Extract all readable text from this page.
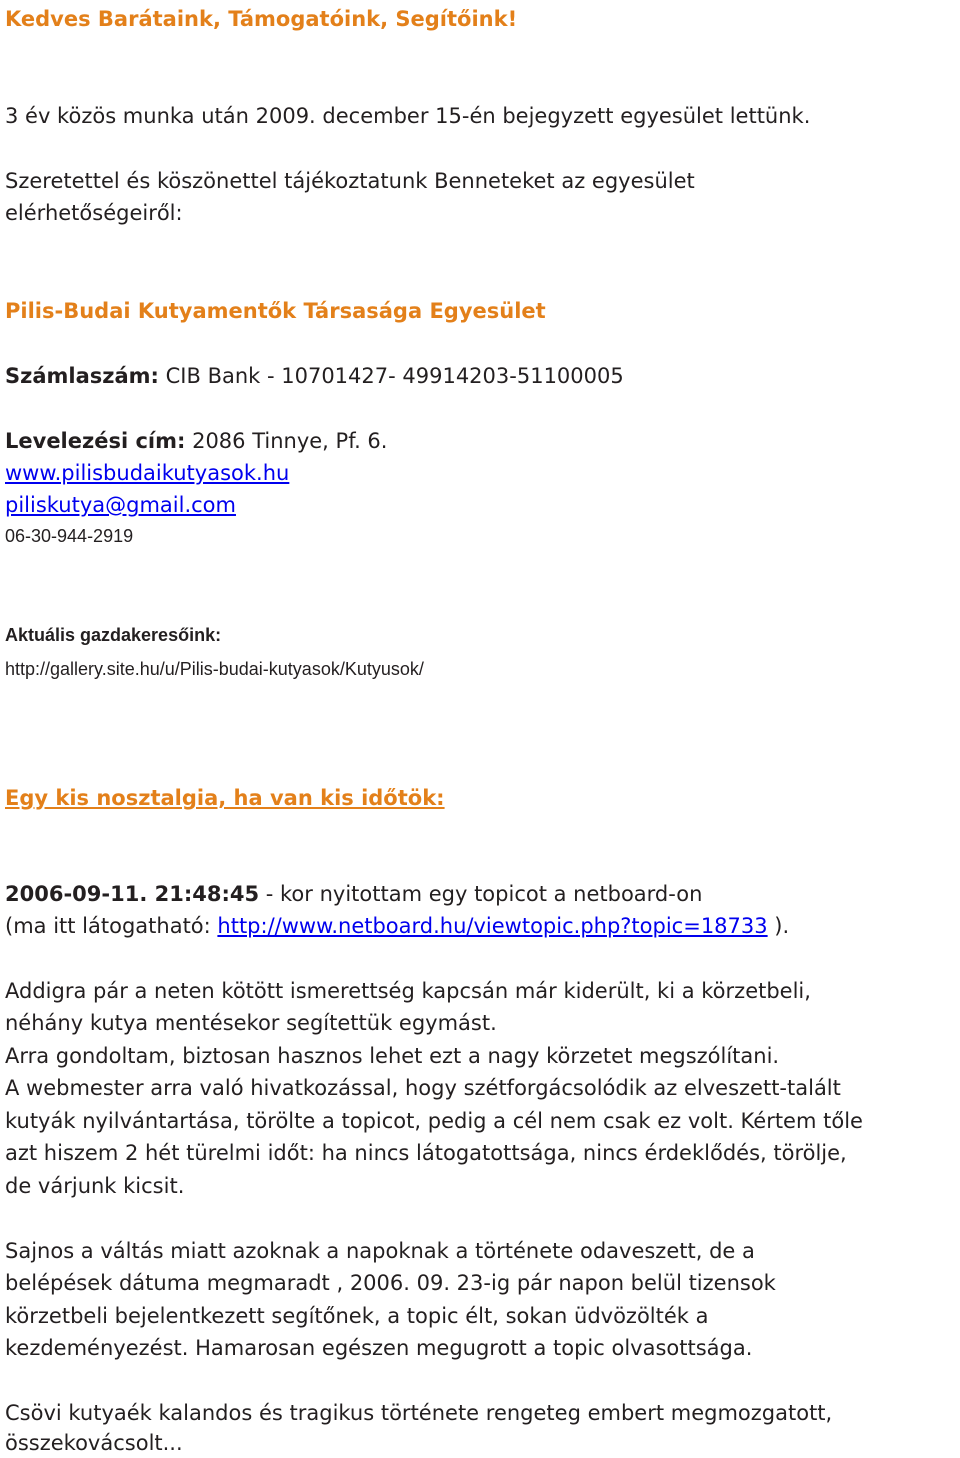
Kedves Barátaink, Támogatóink, Segítőink!
3 év közös munka után 2009. december 15-én bejegyzett egyesület lettünk.
Szeretettel és köszönettel tájékoztatunk Benneteket az egyesület
elérhetőségeiről:
Pilis-Budai Kutyamentők Társasága Egyesület
Számlaszám: CIB Bank - 10701427- 49914203-51100005
Levelezési cím: 2086 Tinnye, Pf. 6.
www.pilisbudaikutyasok.hu
piliskutya@gmail.com
06-30-944-2919
Aktuális gazdakeresőink:
http://gallery.site.hu/u/Pilis-budai-kutyasok/Kutyusok/
Egy kis nosztalgia, ha van kis időtök:
2006-09-11. 21:48:45 - kor nyitottam egy topicot a netboard-on
(ma itt látogatható: http://www.netboard.hu/viewtopic.php?topic=18733 ).
Addigra pár a neten kötött ismerettség kapcsán már kiderült, ki a körzetbeli,
néhány kutya mentésekor segítettük egymást.
Arra gondoltam, biztosan hasznos lehet ezt a nagy körzetet megszólítani.
A webmester arra való hivatkozással, hogy szétforgácsolódik az elveszett-talált
kutyák nyilvántartása, törölte a topicot, pedig a cél nem csak ez volt. Kértem tőle
azt hiszem 2 hét türelmi időt: ha nincs látogatottsága, nincs érdeklődés, törölje,
de várjunk kicsit.
Sajnos a váltás miatt azoknak a napoknak a története odaveszett, de a
belépések dátuma megmaradt , 2006. 09. 23-ig pár napon belül tizensok
körzetbeli bejelentkezett segítőnek, a topic élt, sokan üdvözölték a
kezdeményezést. Hamarosan egészen megugrott a topic olvasottsága.
Csövi kutyaék kalandos és tragikus története rengeteg embert megmozgatott,
összekovácsolt...
